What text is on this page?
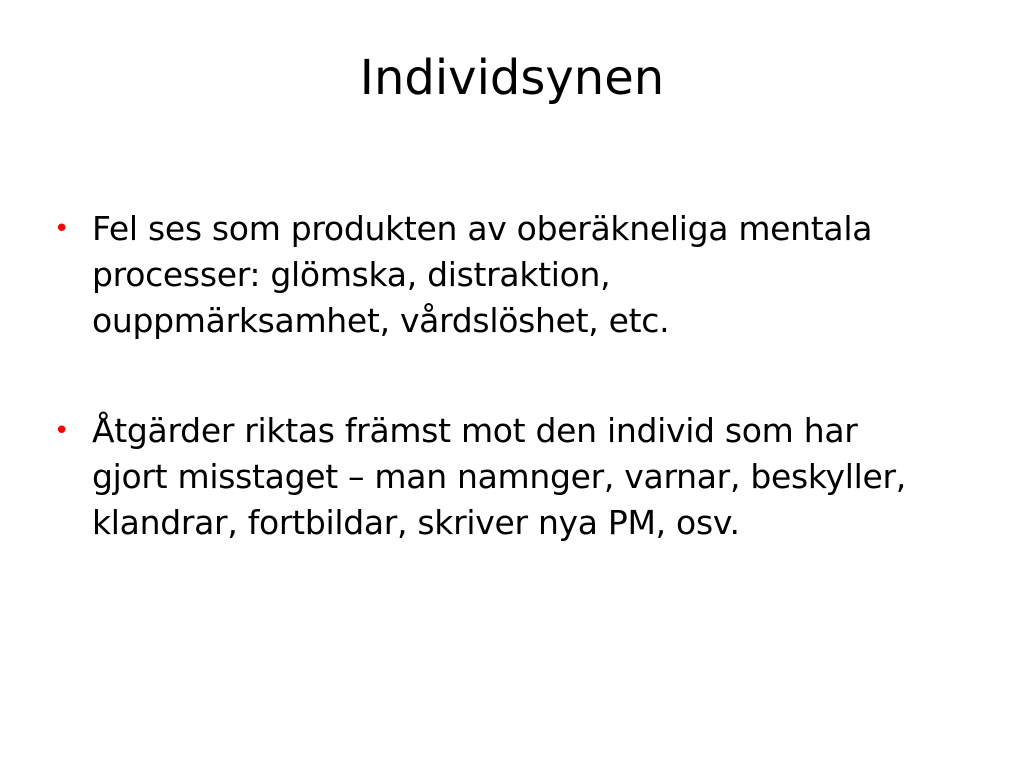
Individsynen
• Fel ses som produkten av oberäkneliga mentala
processer: glömska, distraktion,
ouppmärksamhet, vårdslöshet, etc.
• Åtgärder riktas främst mot den individ som har
gjort misstaget – man namnger, varnar, beskyller,
klandrar, fortbildar, skriver nya PM, osv.
